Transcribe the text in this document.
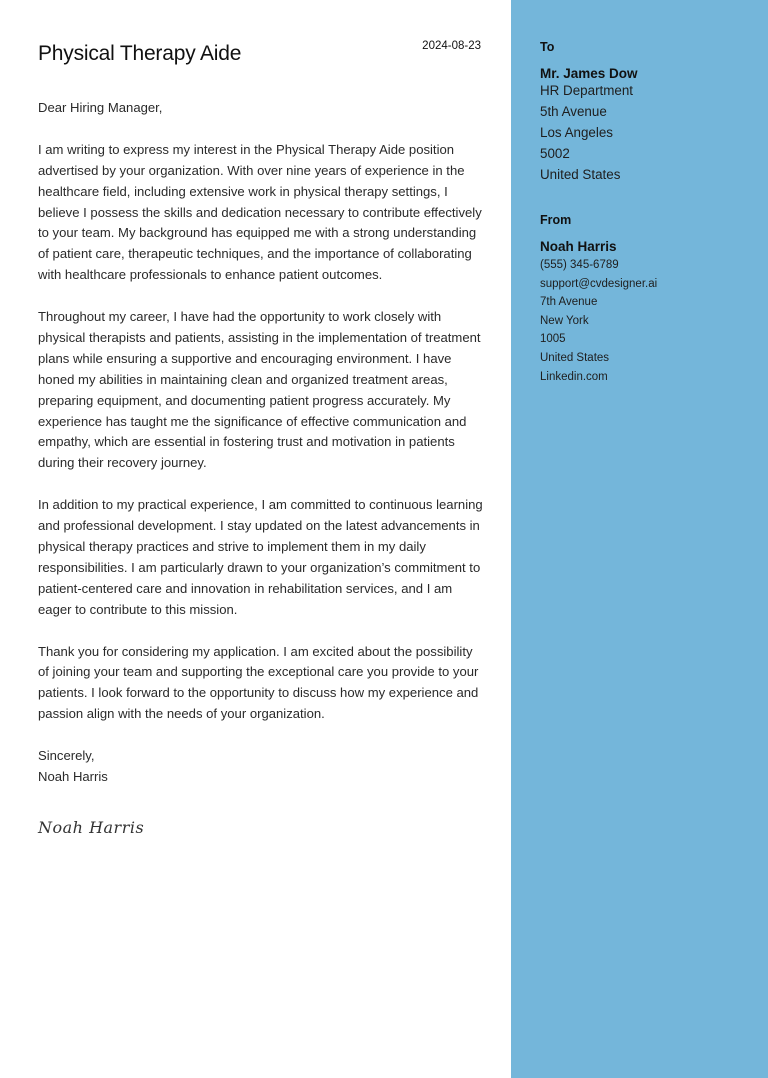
Physical Therapy Aide	2024-08-23

Dear Hiring Manager,

I am writing to express my interest in the Physical Therapy Aide position advertised by your organization. With over nine years of experience in the healthcare field, including extensive work in physical therapy settings, I believe I possess the skills and dedication necessary to contribute effectively to your team. My background has equipped me with a strong understanding of patient care, therapeutic techniques, and the importance of collaborating with healthcare professionals to enhance patient outcomes.

Throughout my career, I have had the opportunity to work closely with physical therapists and patients, assisting in the implementation of treatment plans while ensuring a supportive and encouraging environment. I have honed my abilities in maintaining clean and organized treatment areas, preparing equipment, and documenting patient progress accurately. My experience has taught me the significance of effective communication and empathy, which are essential in fostering trust and motivation in patients during their recovery journey.

In addition to my practical experience, I am committed to continuous learning and professional development. I stay updated on the latest advancements in physical therapy practices and strive to implement them in my daily responsibilities. I am particularly drawn to your organization’s commitment to patient-centered care and innovation in rehabilitation services, and I am eager to contribute to this mission.

Thank you for considering my application. I am excited about the possibility of joining your team and supporting the exceptional care you provide to your patients. I look forward to the opportunity to discuss how my experience and passion align with the needs of your organization.

Sincerely,

Noah Harris

Noah Harris

To

Mr. James Dow

HR Department

5th Avenue

Los Angeles

5002

United States

From

Noah Harris

(555) 345-6789

support@cvdesigner.ai

7th Avenue

New York

1005

United States

Linkedin.com
